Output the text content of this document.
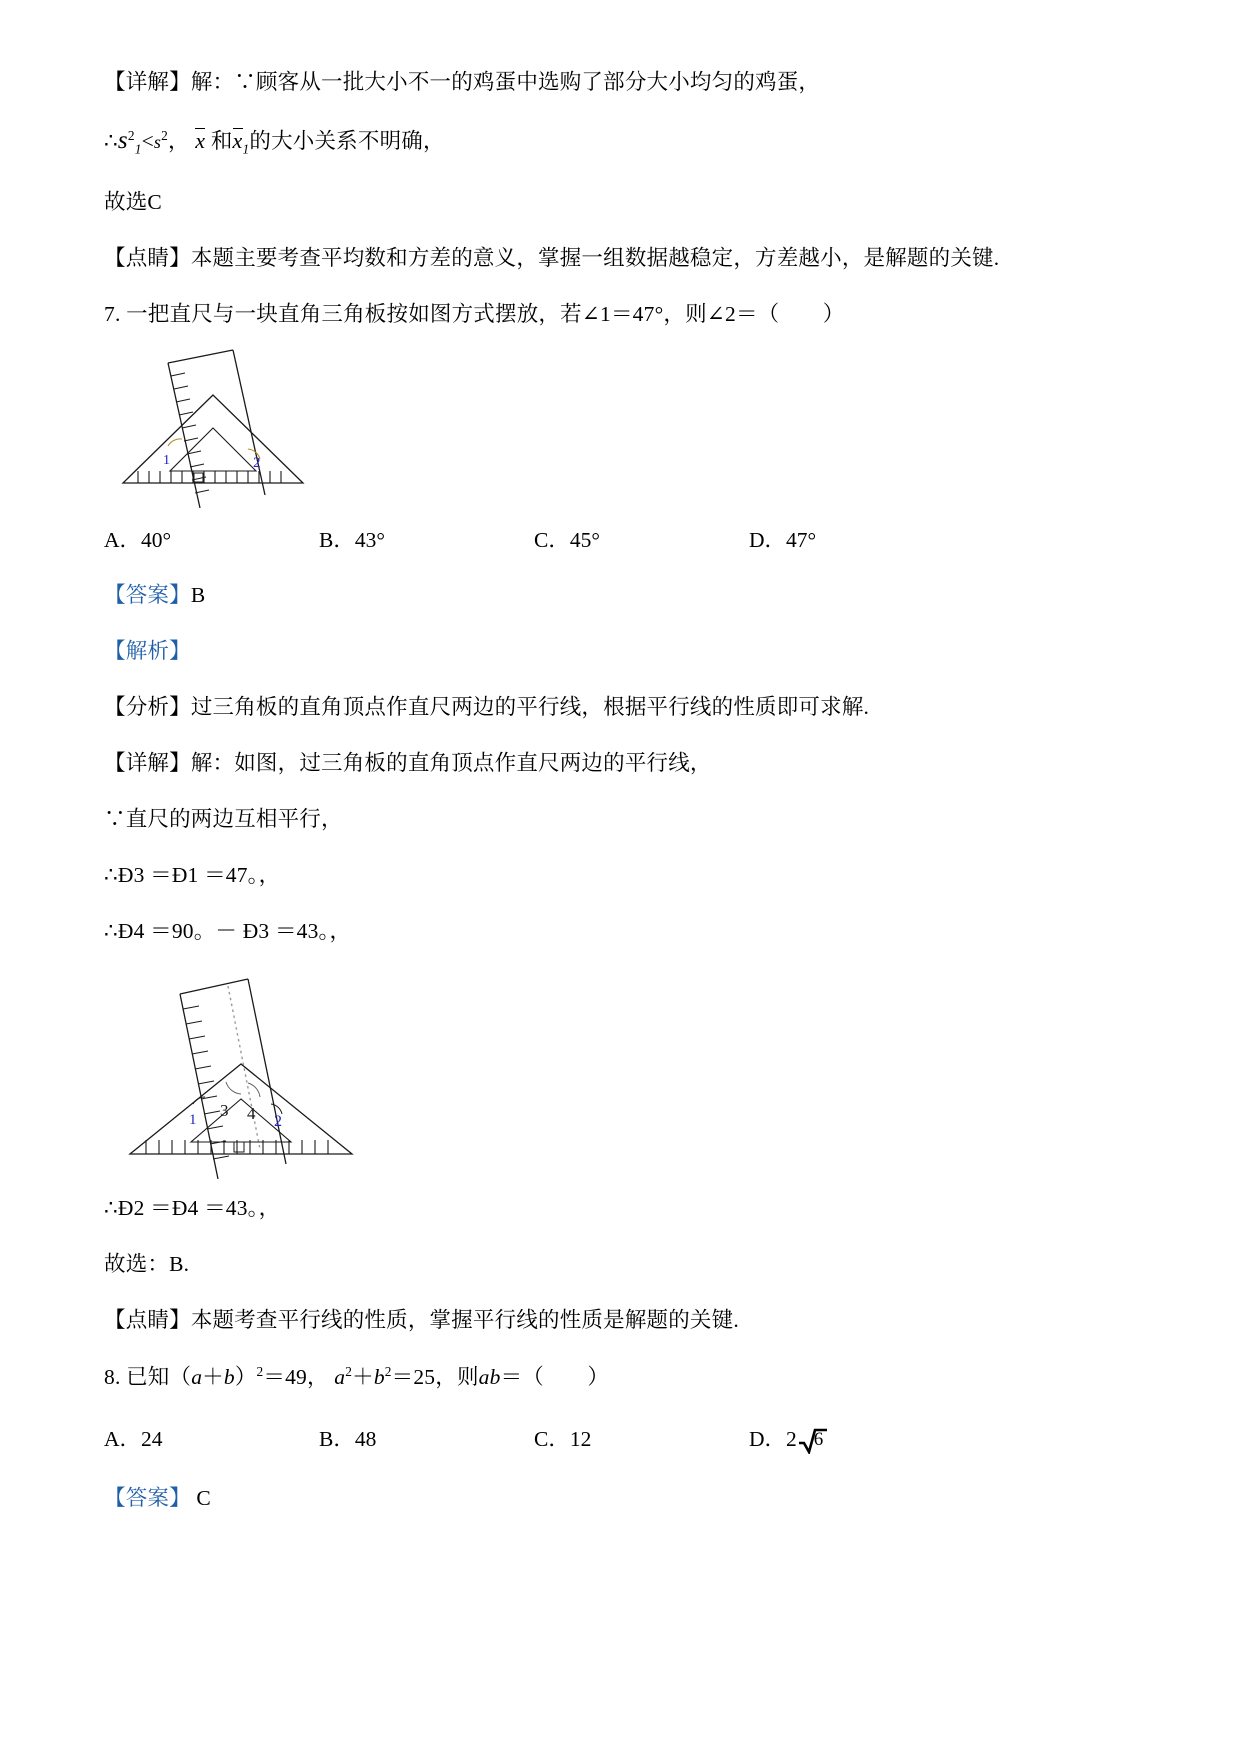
【详解】解：∵顾客从一批大小不一的鸡蛋中选购了部分大小均匀的鸡蛋，
$\therefore s^2_1<s^2$， x 和$x_1$的大小关系不明确，
故选C
【点睛】本题主要考查平均数和方差的意义，掌握一组数据越稳定，方差越小，是解题的关键.
7. 一把直尺与一块直角三角板按如图方式摆放，若∠1＝47°，则∠2＝（　　）
1	2
A．40°	B．43°	C．45°	D．47°
【答案】B
【解析】
【分析】过三角板的直角顶点作直尺两边的平行线，根据平行线的性质即可求解.
【详解】解：如图，过三角板的直角顶点作直尺两边的平行线，
∵直尺的两边互相平行，
∴Ð3 ＝Ð1 ＝47。，
∴Ð4 ＝90。－ Ð3 ＝43。，
3 4
1	2
∴Ð2 ＝Ð4 ＝43。，
故选：B.
【点睛】本题考查平行线的性质，掌握平行线的性质是解题的关键.
8. 已知$(a+b)^2=49$， $a^2+b^2=25$，则ab＝（　　）
A．24	B．48	C．12	D．2 6
【答案】 C
